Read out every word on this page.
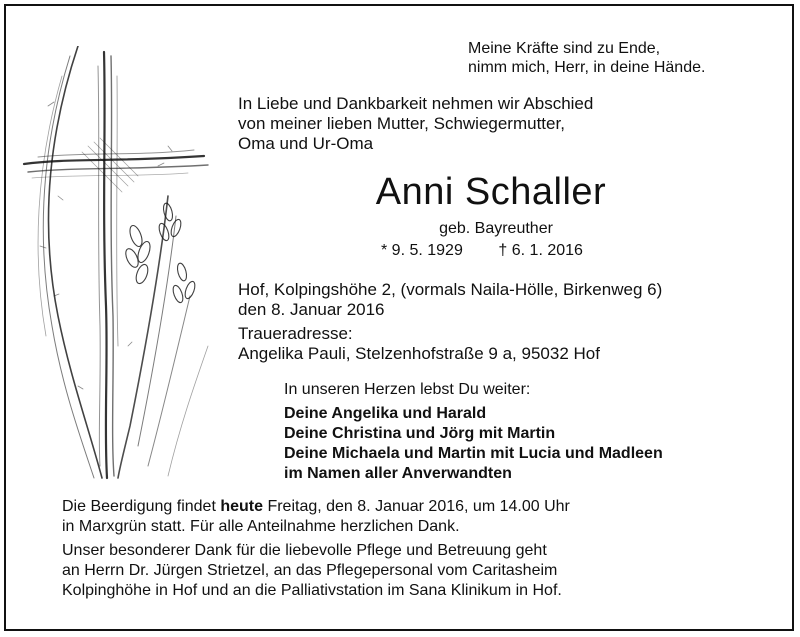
Meine Kräfte sind zu Ende,
nimm mich, Herr, in deine Hände.
In Liebe und Dankbarkeit nehmen wir Abschied
von meiner lieben Mutter, Schwiegermutter,
Oma und Ur-Oma
Anni Schaller
geb. Bayreuther
* 9. 5. 1929 † 6. 1. 2016
Hof, Kolpingshöhe 2, (vormals Naila-Hölle, Birkenweg 6)
den 8. Januar 2016
Traueradresse:
Angelika Pauli, Stelzenhofstraße 9 a, 95032 Hof
In unseren Herzen lebst Du weiter:
Deine Angelika und Harald
Deine Christina und Jörg mit Martin
Deine Michaela und Martin mit Lucia und Madleen
im Namen aller Anverwandten
Die Beerdigung findet heute Freitag, den 8. Januar 2016, um 14.00 Uhr
in Marxgrün statt. Für alle Anteilnahme herzlichen Dank.
Unser besonderer Dank für die liebevolle Pflege und Betreuung geht
an Herrn Dr. Jürgen Strietzel, an das Pflegepersonal vom Caritasheim
Kolpinghöhe in Hof und an die Palliativstation im Sana Klinikum in Hof.
